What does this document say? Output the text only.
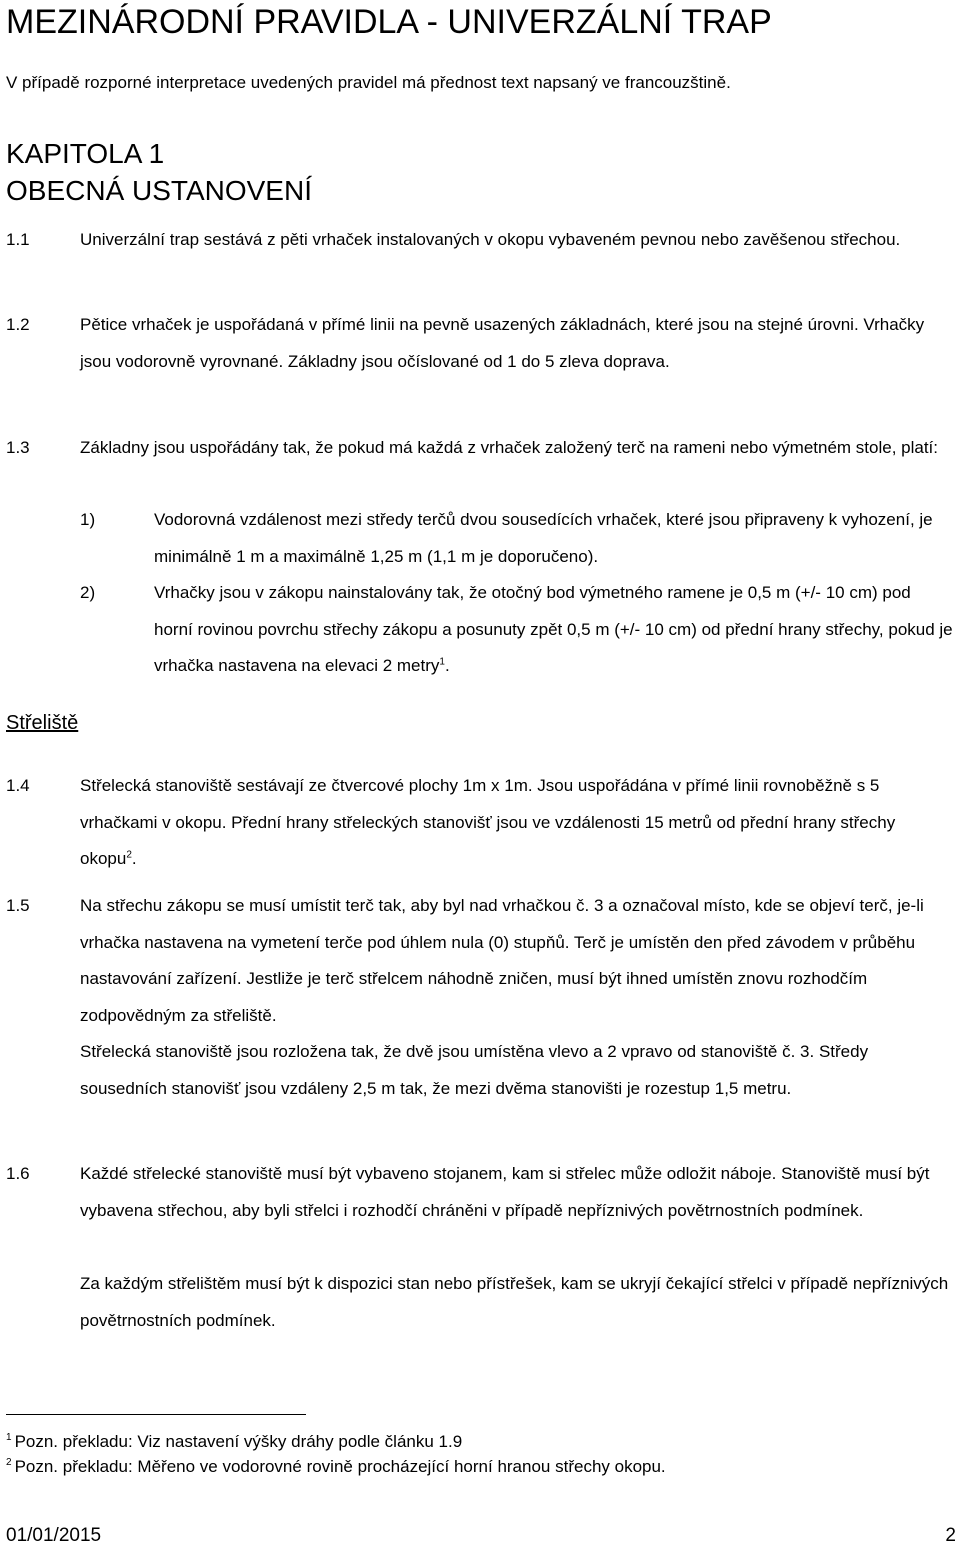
MEZINÁRODNÍ PRAVIDLA - UNIVERZÁLNÍ TRAP
V případě rozporné interpretace uvedených pravidel má přednost text napsaný ve francouzštině.
KAPITOLA 1
OBECNÁ USTANOVENÍ
1.1	Univerzální trap sestává z pěti vrhaček instalovaných v okopu vybaveném pevnou nebo zavěšenou střechou.
1.2	Pětice vrhaček je uspořádaná v přímé linii na pevně usazených základnách, které jsou na stejné úrovni. Vrhačky jsou vodorovně vyrovnané. Základny jsou očíslované od 1 do 5 zleva doprava.
1.3	Základny jsou uspořádány tak, že pokud má každá z vrhaček založený terč na rameni nebo výmetném stole, platí:
1)	Vodorovná vzdálenost mezi středy terčů dvou sousedících vrhaček, které jsou připraveny k vyhození, je minimálně 1 m a maximálně 1,25 m (1,1 m je doporučeno).
2)	Vrhačky jsou v zákopu nainstalovány tak, že otočný bod výmetného ramene je 0,5 m (+/- 10 cm) pod horní rovinou povrchu střechy zákopu a posunuty zpět 0,5 m (+/- 10 cm) od přední hrany střechy, pokud je vrhačka nastavena na elevaci 2 metry$^1$.
Střeliště
1.4	Střelecká stanoviště sestávají ze čtvercové plochy 1m x 1m. Jsou uspořádána v přímé linii rovnoběžně s 5 vrhačkami v okopu. Přední hrany střeleckých stanovišť jsou ve vzdálenosti 15 metrů od přední hrany střechy okopu$^2$.
1.5	Na střechu zákopu se musí umístit terč tak, aby byl nad vrhačkou č. 3 a označoval místo, kde se objeví terč, je-li vrhačka nastavena na vymetení terče pod úhlem nula (0) stupňů. Terč je umístěn den před závodem v průběhu nastavování zařízení. Jestliže je terč střelcem náhodně zničen, musí být ihned umístěn znovu rozhodčím zodpovědným za střeliště.
Střelecká stanoviště jsou rozložena tak, že dvě jsou umístěna vlevo a 2 vpravo od stanoviště č. 3. Středy sousedních stanovišť jsou vzdáleny 2,5 m tak, že mezi dvěma stanovišti je rozestup 1,5 metru.
1.6	Každé střelecké stanoviště musí být vybaveno stojanem, kam si střelec může odložit náboje. Stanoviště musí být vybavena střechou, aby byli střelci i rozhodčí chráněni v případě nepříznivých povětrnostních podmínek.
Za každým střelištěm musí být k dispozici stan nebo přístřešek, kam se ukryjí čekající střelci v případě nepříznivých povětrnostních podmínek.
$^1$ Pozn. překladu: Viz nastavení výšky dráhy podle článku 1.9
$^2$ Pozn. překladu: Měřeno ve vodorovné rovině procházející horní hranou střechy okopu.
01/01/2015	2
